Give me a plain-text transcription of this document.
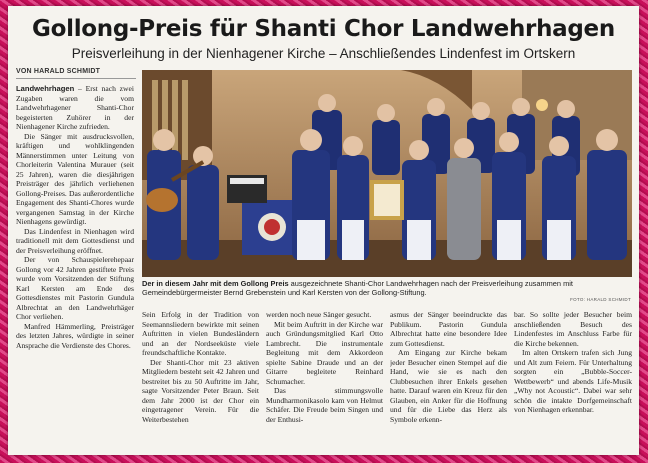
Gollong-Preis für Shanti Chor Landwehrhagen
Preisverleihung in der Nienhagener Kirche – Anschließendes Lindenfest im Ortskern
VON HARALD SCHMIDT

Landwehrhagen – Erst nach zwei Zugaben waren die vom Landwehrhagener Shanti-Chor begeisterten Zuhörer in der Nienhagener Kirche zufrieden.

Die Sänger mit ausdrucksvollen, kräftigen und wohlklingenden Männerstimmen unter Leitung von Chorleiterin Valentina Murauer (seit 25 Jahren), waren die diesjährigen Preisträger des jährlich verliehenen Gollong-Preises. Das außerordentliche Engagement des Shanti-Chores wurde vergangenen Samstag in der Kirche Nienhagens gewürdigt.

Das Lindenfest in Nienhagen wird traditionell mit dem Gottesdienst und der Preisverleihung eröffnet.

Der von Schauspielerehepaar Gollong vor 42 Jahren gestiftete Preis wurde vom Vorsitzenden der Stiftung Karl Kersten am Ende des Gottesdienstes mit Pastorin Gundula Albrechtat an den Landwehrhäger Chor verliehen.

Manfred Hämmerling, Preisträger des letzten Jahres, würdigte in seiner Ansprache die Verdienste des Chores.

Der in diesem Jahr mit dem Gollong Preis ausgezeichnete Shanti-Chor Landwehrhagen nach der Preisverleihung zusammen mit Gemeindebürgermeister Bernd Grebenstein und Karl Kersten von der Gollong-Stiftung.
FOTO: HARALD SCHMIDT

Sein Erfolg in der Tradition von Seemannsliedern bewirkte mit seinen Auftritten in vielen Bundesländern und an der Nordseeküste viele freundschaftliche Kontakte.

Der Shanti-Chor mit 23 aktiven Mitgliedern besteht seit 42 Jahren und bestreitet bis zu 50 Auftritte im Jahr, sagte Vorsitzender Peter Braun. Seit dem Jahr 2000 ist der Chor ein eingetragener Verein. Für die Weiterbestehen

werden noch neue Sänger gesucht.

Mit beim Auftritt in der Kirche war auch Gründungsmitglied Karl Otto Lambrecht. Die instrumentale Begleitung mit dem Akkordeon spielte Sabine Draude und an der Gitarre begleitete Reinhard Schumacher.

Das stimmungsvolle Mundharmonikasolo kam von Helmut Schäfer. Die Freude beim Singen und der Enthusi-

asmus der Sänger beeindruckte das Publikum. Pastorin Gundula Albrechtat hatte eine besondere Idee zum Gottesdienst.

Am Eingang zur Kirche bekam jeder Besucher einen Stempel auf die Hand, wie sie es nach den Clubbesuchen ihrer Enkels gesehen hatte. Darauf waren ein Kreuz für den Glauben, ein Anker für die Hoffnung und für die Liebe das Herz als Symbole erkenn-

bar. So sollte jeder Besucher beim anschließenden Besuch des Lindenfestes im Anschluss Farbe für die Kirche bekennen.

Im alten Ortskern trafen sich Jung und Alt zum Feiern. Für Unterhaltung sorgten ein „Bubble-Soccer-Wettbewerb“ und abends Life-Musik „Why not Acoustic“. Dabei war sehr schön die intakte Dorfgemeinschaft von Nienhagen erkennbar.
